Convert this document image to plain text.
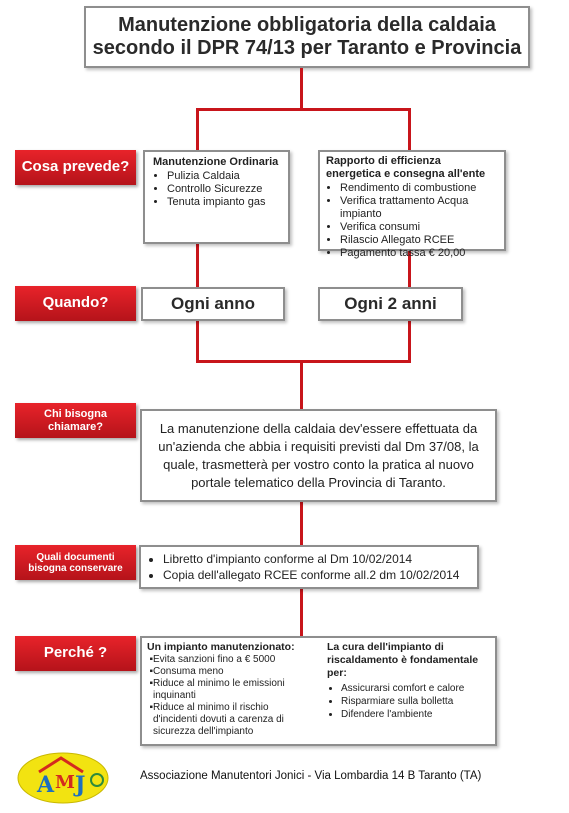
Manutenzione obbligatoria della caldaia
secondo il DPR 74/13 per Taranto e Provincia
Cosa prevede? Manutenzione Ordinaria
• Pulizia Caldaia
• Controllo Sicurezze
• Tenuta impianto gas
Rapporto di efficienza energetica e consegna all'ente
• Rendimento di combustione
• Verifica trattamento Acqua impianto
• Verifica consumi
• Rilascio Allegato RCEE
• Pagamento tassa € 20,00
Quando?	Ogni anno	Ogni 2 anni
Chi bisogna chiamare?	La manutenzione della caldaia dev'essere effettuata da un'azienda che abbia i requisiti previsti dal Dm 37/08, la quale, trasmetterà per vostro conto la pratica al nuovo portale telematico della Provincia di Taranto.
Quali documenti bisogna conservare
• Libretto d'impianto conforme al Dm 10/02/2014
• Copia dell'allegato RCEE conforme all.2 dm 10/02/2014
Perché ?	Un impianto manutenzionato:
▪ Evita sanzioni fino a € 5000
▪ Consuma meno
▪ Riduce al minimo le emissioni inquinanti
▪ Riduce al minimo il rischio d'incidenti dovuti a carenza di sicurezza dell'impianto
La cura dell'impianto di riscaldamento è fondamentale per:
• Assicurarsi comfort e calore
• Risparmiare sulla bolletta
• Difendere l'ambiente
A M J	Associazione Manutentori Jonici - Via Lombardia 14 B Taranto (TA)
